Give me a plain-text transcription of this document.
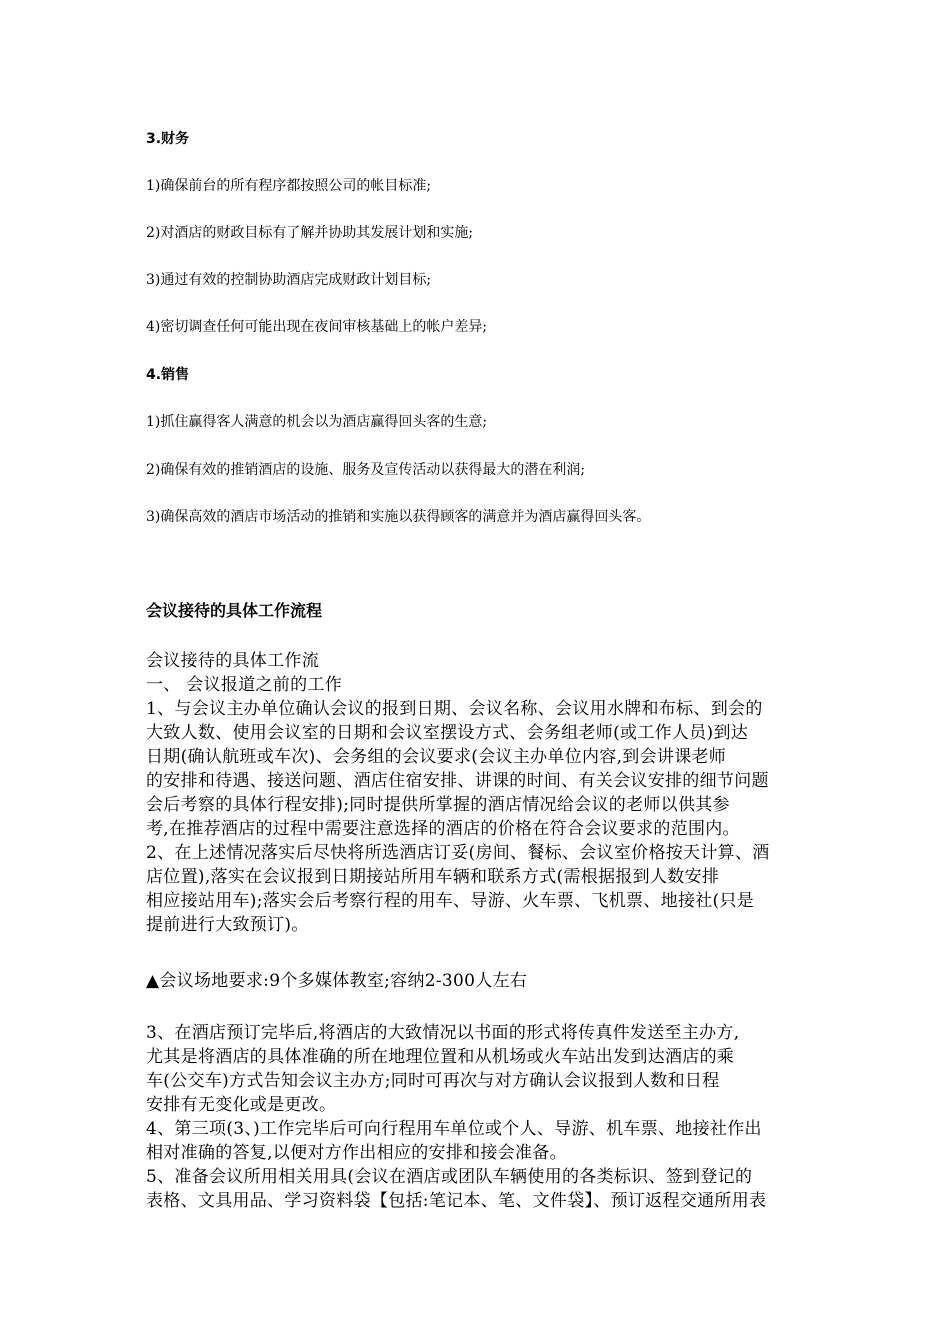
3.财务
1)确保前台的所有程序都按照公司的帐目标准;
2)对酒店的财政目标有了解并协助其发展计划和实施;
3)通过有效的控制协助酒店完成财政计划目标;
4)密切调查任何可能出现在夜间审核基础上的帐户差异;
4.销售
1)抓住赢得客人满意的机会以为酒店赢得回头客的生意;
2)确保有效的推销酒店的设施、服务及宣传活动以获得最大的潜在利润;
3)确保高效的酒店市场活动的推销和实施以获得顾客的满意并为酒店赢得回头客。
会议接待的具体工作流程
会议接待的具体工作流
一、 会议报道之前的工作
1、与会议主办单位确认会议的报到日期、会议名称、会议用水牌和布标、到会的
大致人数、使用会议室的日期和会议室摆设方式、会务组老师(或工作人员)到达
日期(确认航班或车次)、会务组的会议要求(会议主办单位内容,到会讲课老师
的安排和待遇、接送问题、酒店住宿安排、讲课的时间、有关会议安排的细节问题
会后考察的具体行程安排);同时提供所掌握的酒店情况给会议的老师以供其参
考,在推荐酒店的过程中需要注意选择的酒店的价格在符合会议要求的范围内。
2、在上述情况落实后尽快将所选酒店订妥(房间、餐标、会议室价格按天计算、酒
店位置),落实在会议报到日期接站所用车辆和联系方式(需根据报到人数安排
相应接站用车);落实会后考察行程的用车、导游、火车票、飞机票、地接社(只是
提前进行大致预订)。
▲会议场地要求:9个多媒体教室;容纳2-300人左右
3、在酒店预订完毕后,将酒店的大致情况以书面的形式将传真件发送至主办方,
尤其是将酒店的具体准确的所在地理位置和从机场或火车站出发到达酒店的乘
车(公交车)方式告知会议主办方;同时可再次与对方确认会议报到人数和日程
安排有无变化或是更改。
4、第三项(3、)工作完毕后可向行程用车单位或个人、导游、机车票、地接社作出
相对准确的答复,以便对方作出相应的安排和接会准备。
5、准备会议所用相关用具(会议在酒店或团队车辆使用的各类标识、签到登记的
表格、文具用品、学习资料袋【包括:笔记本、笔、文件袋】、预订返程交通所用表
